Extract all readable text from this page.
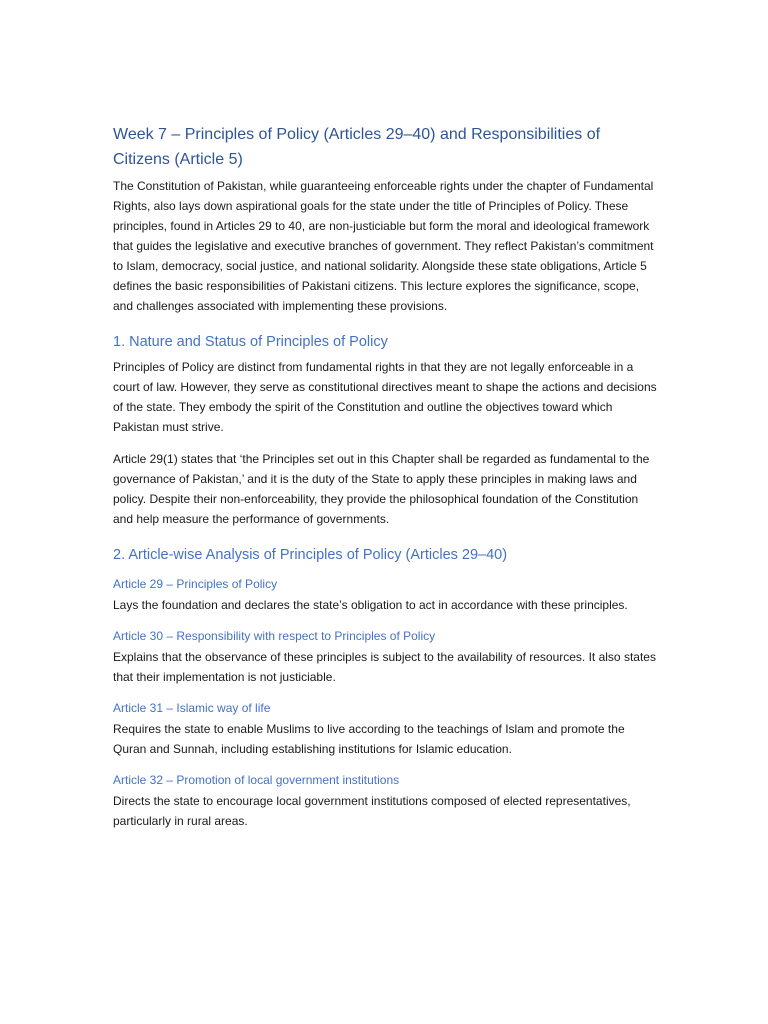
Week 7 – Principles of Policy (Articles 29–40) and Responsibilities of Citizens (Article 5)

The Constitution of Pakistan, while guaranteeing enforceable rights under the chapter of Fundamental Rights, also lays down aspirational goals for the state under the title of Principles of Policy. These principles, found in Articles 29 to 40, are non-justiciable but form the moral and ideological framework that guides the legislative and executive branches of government. They reflect Pakistan’s commitment to Islam, democracy, social justice, and national solidarity. Alongside these state obligations, Article 5 defines the basic responsibilities of Pakistani citizens. This lecture explores the significance, scope, and challenges associated with implementing these provisions.

1. Nature and Status of Principles of Policy

Principles of Policy are distinct from fundamental rights in that they are not legally enforceable in a court of law. However, they serve as constitutional directives meant to shape the actions and decisions of the state. They embody the spirit of the Constitution and outline the objectives toward which Pakistan must strive.

Article 29(1) states that ‘the Principles set out in this Chapter shall be regarded as fundamental to the governance of Pakistan,’ and it is the duty of the State to apply these principles in making laws and policy. Despite their non-enforceability, they provide the philosophical foundation of the Constitution and help measure the performance of governments.

2. Article-wise Analysis of Principles of Policy (Articles 29–40)
Article 29 – Principles of Policy

Lays the foundation and declares the state’s obligation to act in accordance with these principles.

Article 30 – Responsibility with respect to Principles of Policy

Explains that the observance of these principles is subject to the availability of resources. It also states that their implementation is not justiciable.

Article 31 – Islamic way of life

Requires the state to enable Muslims to live according to the teachings of Islam and promote the Quran and Sunnah, including establishing institutions for Islamic education.

Article 32 – Promotion of local government institutions

Directs the state to encourage local government institutions composed of elected representatives, particularly in rural areas.
